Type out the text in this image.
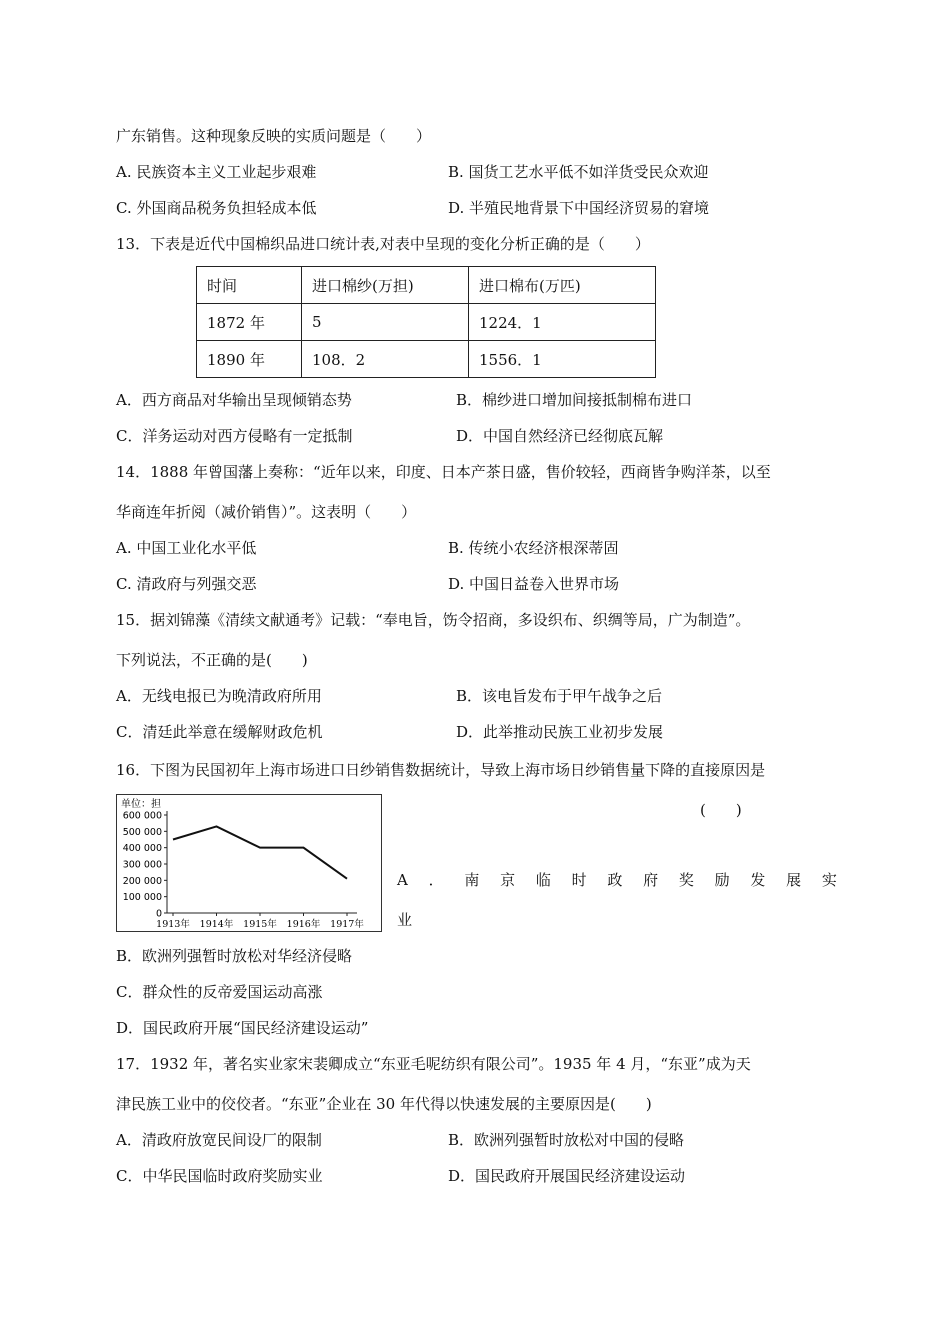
广东销售。这种现象反映的实质问题是（　　）
A. 民族资本主义工业起步艰难	B. 国货工艺水平低不如洋货受民众欢迎
C. 外国商品税务负担轻成本低	D. 半殖民地背景下中国经济贸易的窘境
13．下表是近代中国棉织品进口统计表,对表中呈现的变化分析正确的是（　　）
时间	进口棉纱(万担)	进口棉布(万匹)
1872 年	5	1224．1
1890 年	108．2	1556．1
A．西方商品对华输出呈现倾销态势	B．棉纱进口增加间接抵制棉布进口
C．洋务运动对西方侵略有一定抵制	D．中国自然经济已经彻底瓦解
14．1888 年曾国藩上奏称：“近年以来，印度、日本产茶日盛，售价较轻，西商皆争购洋茶，以至
华商连年折阅（减价销售）”。这表明（　　）
A. 中国工业化水平低	B. 传统小农经济根深蒂固
C. 清政府与列强交恶	D. 中国日益卷入世界市场
15．据刘锦藻《清续文献通考》记载：“奉电旨，饬令招商，多设织布、织绸等局，广为制造”。
下列说法，不正确的是(　　)
A．无线电报已为晚清政府所用	B．该电旨发布于甲午战争之后
C．清廷此举意在缓解财政危机	D．此举推动民族工业初步发展
16．下图为民国初年上海市场进口日纱销售数据统计，导致上海市场日纱销售量下降的直接原因是
(　　)
单位：担
0
100 000
200 000
300 000
400 000
500 000
600 000
1913年 1914年 1915年 1916年 1917年
A ． 南 京 临 时 政 府 奖 励 发 展 实
业
B．欧洲列强暂时放松对华经济侵略
C．群众性的反帝爱国运动高涨
D．国民政府开展“国民经济建设运动”
17．1932 年，著名实业家宋裴卿成立“东亚毛呢纺织有限公司”。1935 年 4 月，“东亚”成为天
津民族工业中的佼佼者。“东亚”企业在 30 年代得以快速发展的主要原因是(　　)
A．清政府放宽民间设厂的限制	B．欧洲列强暂时放松对中国的侵略
C．中华民国临时政府奖励实业	D．国民政府开展国民经济建设运动
